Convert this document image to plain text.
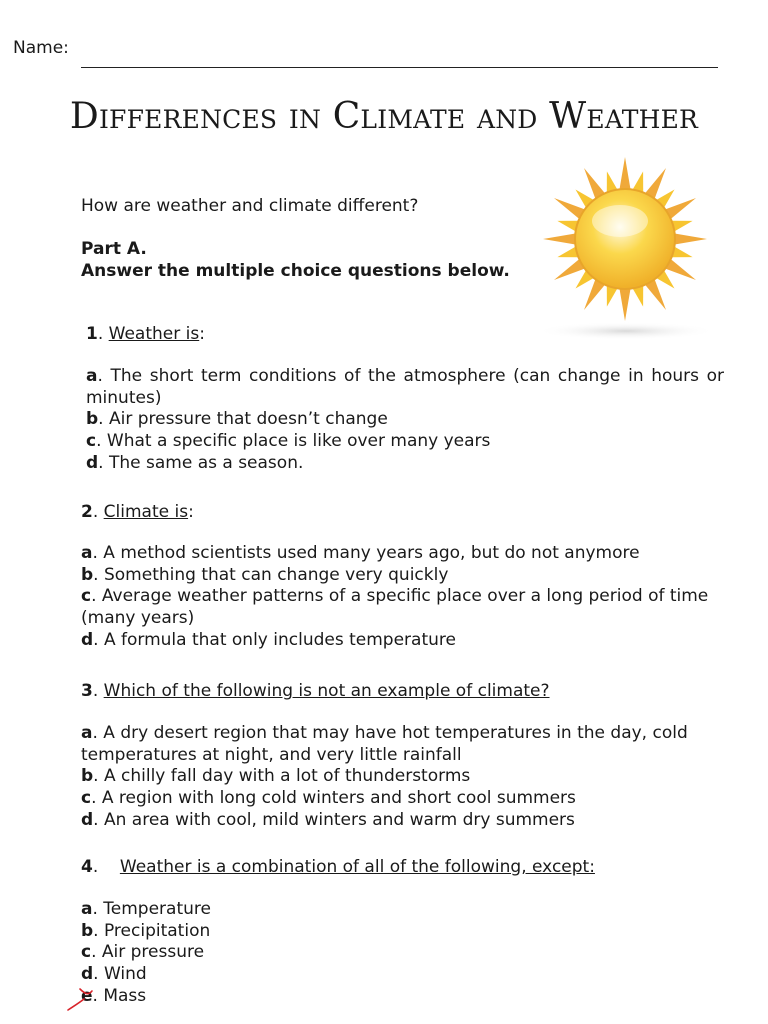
Name:
Differences in Climate and Weather
How are weather and climate different?
Part A.
Answer the multiple choice questions below.
1. Weather is:
a. The short term conditions of the atmosphere (can change in hours or minutes)
b. Air pressure that doesn’t change
c. What a specific place is like over many years
d. The same as a season.
2. Climate is:
a. A method scientists used many years ago, but do not anymore
b. Something that can change very quickly
c. Average weather patterns of a specific place over a long period of time (many years)
d. A formula that only includes temperature
3. Which of the following is not an example of climate?
a. A dry desert region that may have hot temperatures in the day, cold temperatures at night, and very little rainfall
b. A chilly fall day with a lot of thunderstorms
c. A region with long cold winters and short cool summers
d. An area with cool, mild winters and warm dry summers
4.    Weather is a combination of all of the following, except:
a. Temperature
b. Precipitation
c. Air pressure
d. Wind
e. Mass
